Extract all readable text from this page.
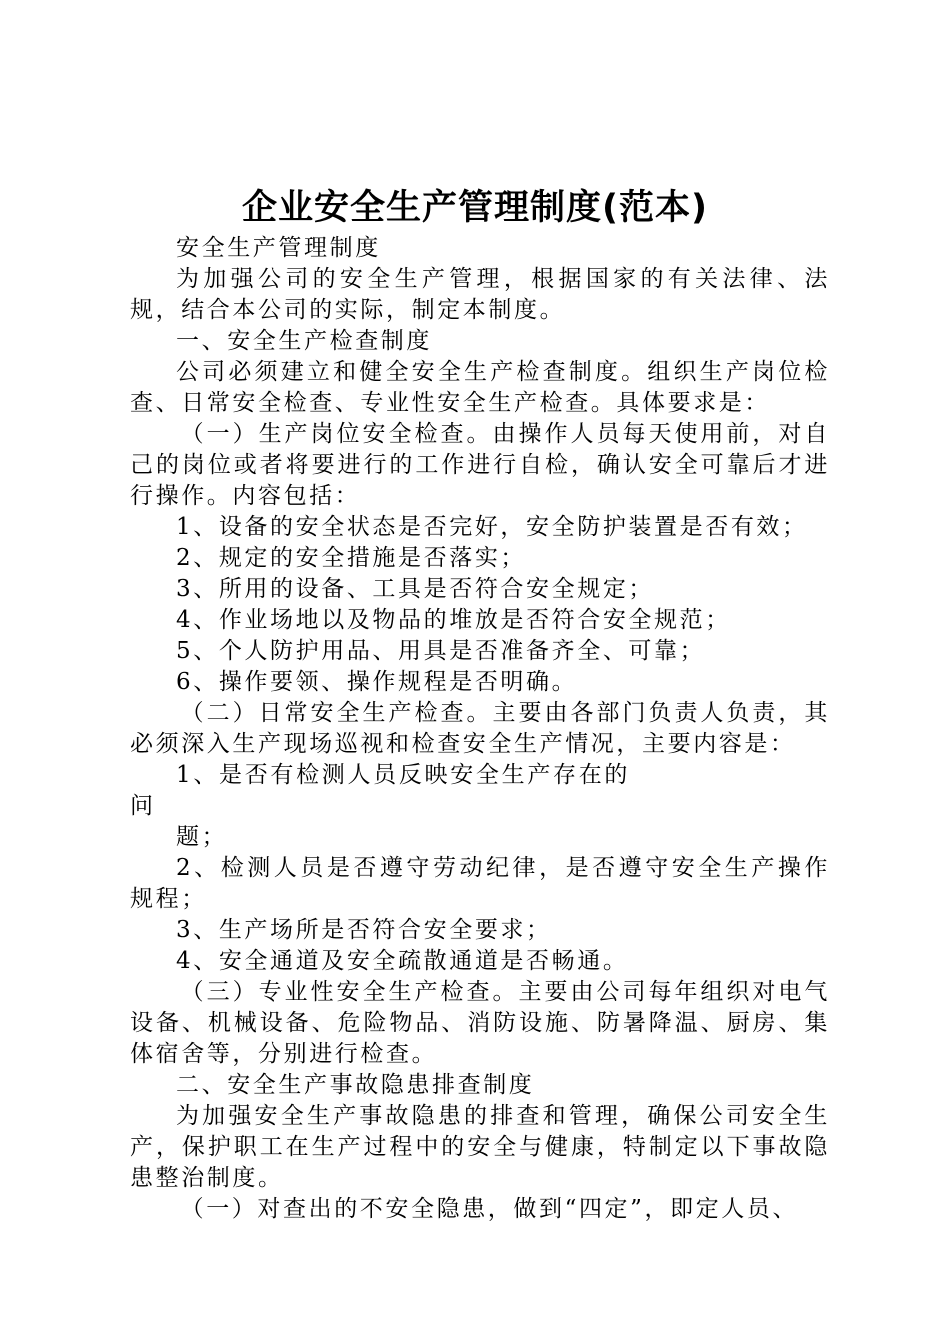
企业安全生产管理制度(范本)

安全生产管理制度

为加强公司的安全生产管理，根据国家的有关法律、法规，结合本公司的实际，制定本制度。

一、安全生产检查制度

公司必须建立和健全安全生产检查制度。组织生产岗位检查、日常安全检查、专业性安全生产检查。具体要求是：

（一）生产岗位安全检查。由操作人员每天使用前，对自己的岗位或者将要进行的工作进行自检，确认安全可靠后才进行操作。内容包括：

1、设备的安全状态是否完好，安全防护装置是否有效；

2、规定的安全措施是否落实；

3、所用的设备、工具是否符合安全规定；

4、作业场地以及物品的堆放是否符合安全规范；

5、个人防护用品、用具是否准备齐全、可靠；

6、操作要领、操作规程是否明确。

（二）日常安全生产检查。主要由各部门负责人负责，其必须深入生产现场巡视和检查安全生产情况，主要内容是：

1、是否有检测人员反映安全生产存在的问

题；

2、检测人员是否遵守劳动纪律，是否遵守安全生产操作规程；

3、生产场所是否符合安全要求；

4、安全通道及安全疏散通道是否畅通。

（三）专业性安全生产检查。主要由公司每年组织对电气设备、机械设备、危险物品、消防设施、防暑降温、厨房、集体宿舍等，分别进行检查。

二、安全生产事故隐患排查制度

为加强安全生产事故隐患的排查和管理，确保公司安全生产，保护职工在生产过程中的安全与健康，特制定以下事故隐患整治制度。

（一）对查出的不安全隐患，做到“四定”，即定人员、
